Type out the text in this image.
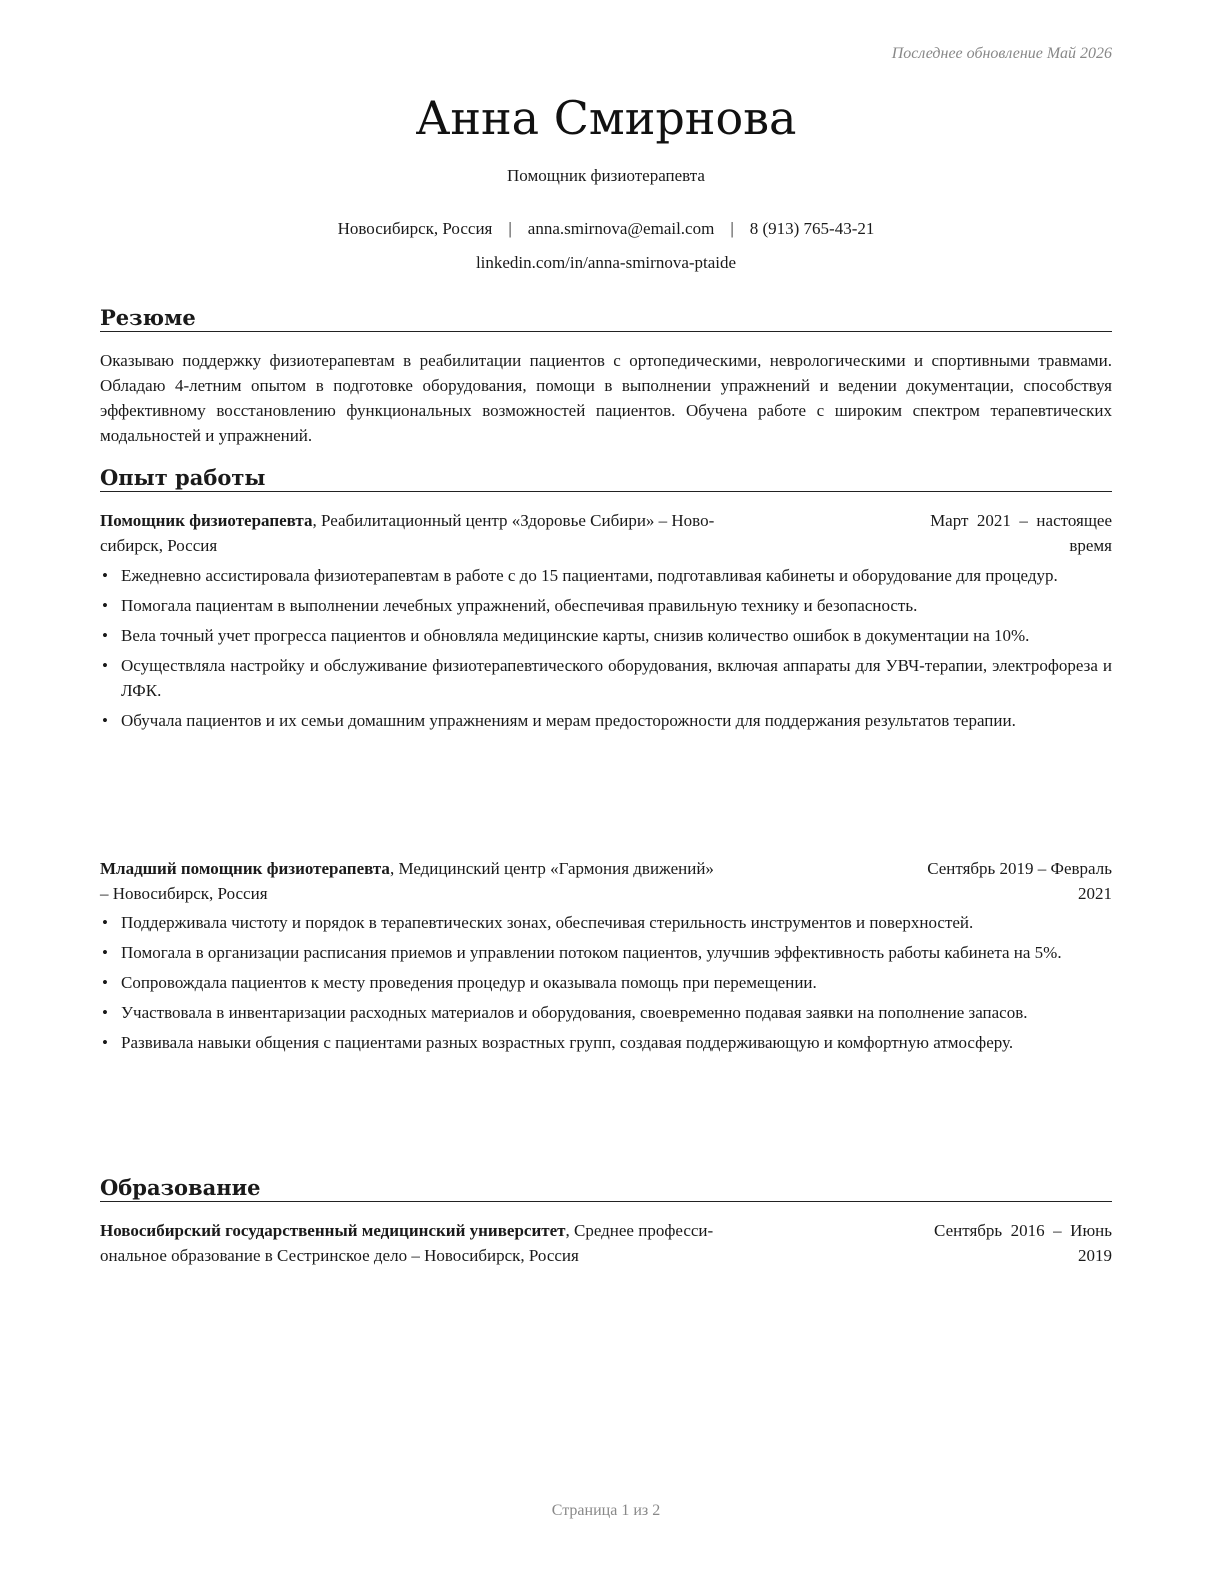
Последнее обновление Май 2026
Анна Смирнова
Помощник физиотерапевта
Новосибирск, Россия | anna.smirnova@email.com | 8 (913) 765-43-21
linkedin.com/in/anna-smirnova-ptaide
Резюме
Оказываю поддержку физиотерапевтам в реабилитации пациентов с ортопедическими, неврологическими и спортивными травмами. Обладаю 4-летним опытом в подготовке оборудования, помощи в выполнении упражнений и ведении документации, способствуя эффективному восстановлению функциональных возможностей пациентов. Обучена работе с широким спектром терапевтических модальностей и упражнений.
Опыт работы
Помощник физиотерапевта, Реабилитационный центр «Здоровье Сибири» – Ново-
сибирск, Россия
Март  2021  –  настоящее
время
• Ежедневно ассистировала физиотерапевтам в работе с до 15 пациентами, подготавливая кабинеты и оборудование для процедур.
• Помогала пациентам в выполнении лечебных упражнений, обеспечивая правильную технику и безопасность.
• Вела точный учет прогресса пациентов и обновляла медицинские карты, снизив количество ошибок в документации на 10%.
• Осуществляла настройку и обслуживание физиотерапевтического оборудования, включая аппараты для УВЧ-терапии, электрофореза и ЛФК.
• Обучала пациентов и их семьи домашним упражнениям и мерам предосторожности для поддержания результатов терапии.
Младший помощник физиотерапевта, Медицинский центр «Гармония движений»
– Новосибирск, Россия
Сентябрь 2019 – Февраль
2021
• Поддерживала чистоту и порядок в терапевтических зонах, обеспечивая стерильность инструментов и поверхностей.
• Помогала в организации расписания приемов и управлении потоком пациентов, улучшив эффективность работы кабинета на 5%.
• Сопровождала пациентов к месту проведения процедур и оказывала помощь при перемещении.
• Участвовала в инвентаризации расходных материалов и оборудования, своевременно подавая заявки на пополнение запасов.
• Развивала навыки общения с пациентами разных возрастных групп, создавая поддерживающую и комфортную атмосферу.
Образование
Новосибирский государственный медицинский университет, Среднее професси-
ональное образование в Сестринское дело – Новосибирск, Россия
Сентябрь  2016  –  Июнь
2019
Страница 1 из 2
